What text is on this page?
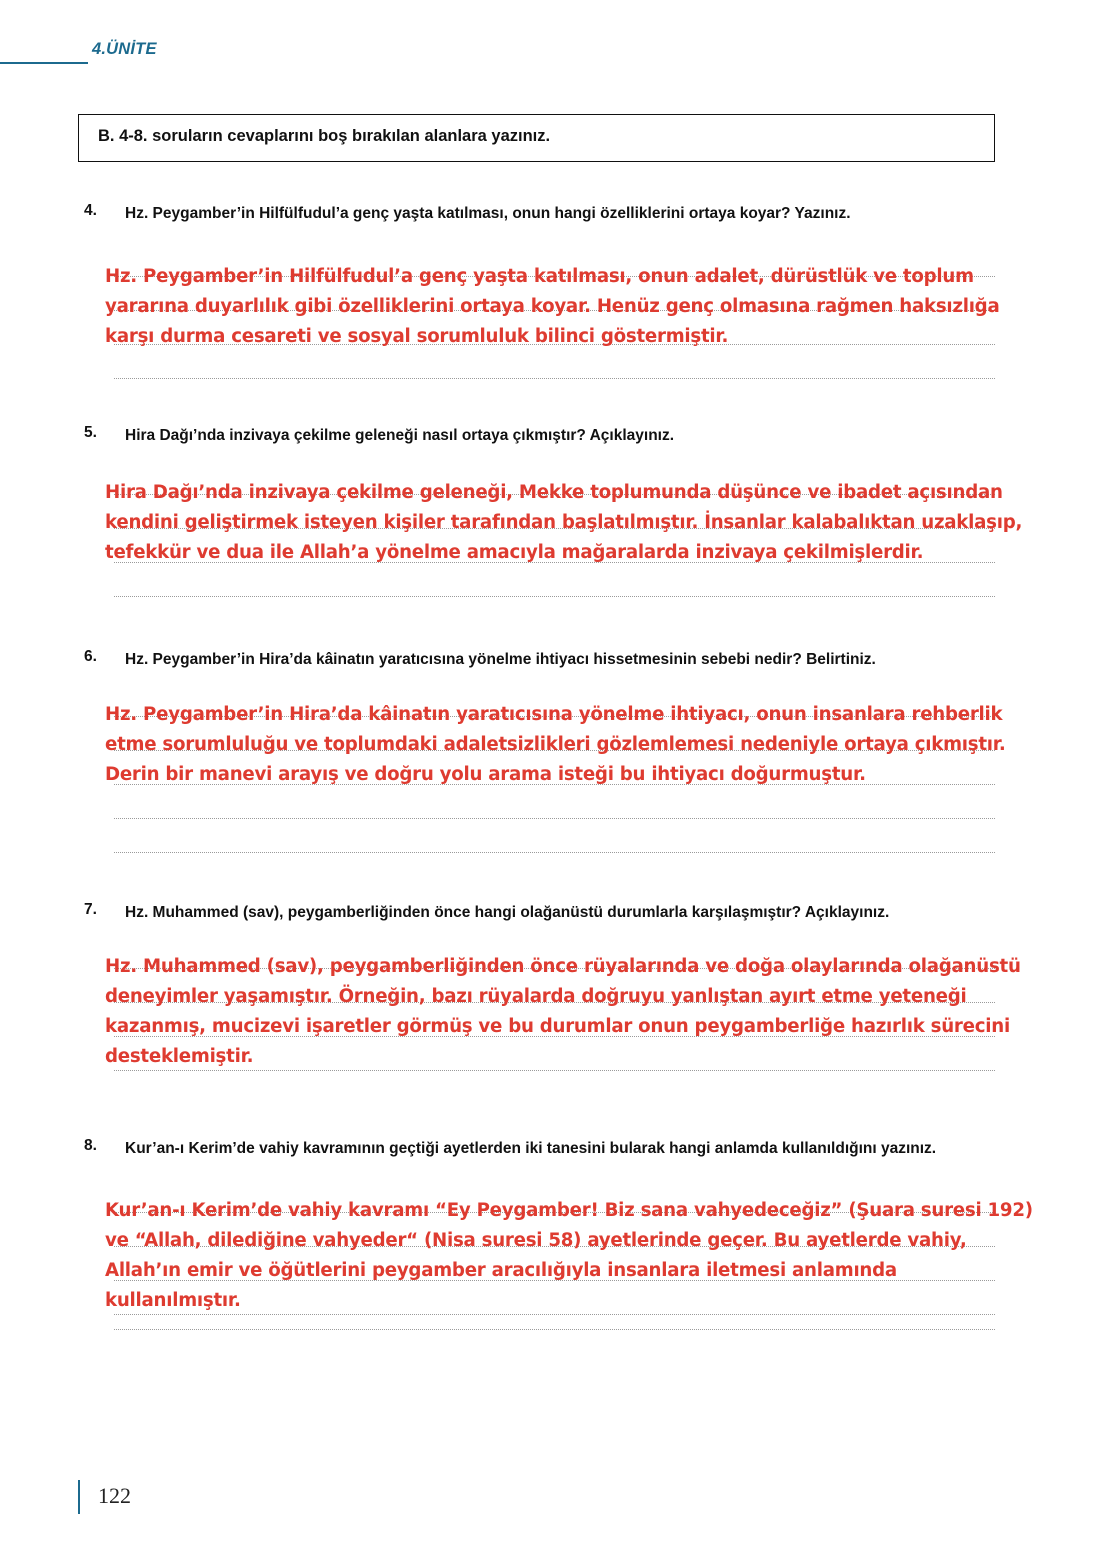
4.ÜNİTE
B. 4-8. soruların cevaplarını boş bırakılan alanlara yazınız.
4.	Hz. Peygamber’in Hilfülfudul’a genç yaşta katılması, onun hangi özelliklerini ortaya koyar? Yazınız.
Hz. Peygamber’in Hilfülfudul’a genç yaşta katılması, onun adalet, dürüstlük ve toplum yararına duyarlılık gibi özelliklerini ortaya koyar. Henüz genç olmasına rağmen haksızlığa karşı durma cesareti ve sosyal sorumluluk bilinci göstermiştir.
5.	Hira Dağı’nda inzivaya çekilme geleneği nasıl ortaya çıkmıştır? Açıklayınız.
Hira Dağı’nda inzivaya çekilme geleneği, Mekke toplumunda düşünce ve ibadet açısından kendini geliştirmek isteyen kişiler tarafından başlatılmıştır. İnsanlar kalabalıktan uzaklaşıp, tefekkür ve dua ile Allah’a yönelme amacıyla mağaralarda inzivaya çekilmişlerdir.
6.	Hz. Peygamber’in Hira’da kâinatın yaratıcısına yönelme ihtiyacı hissetmesinin sebebi nedir? Belirtiniz.
Hz. Peygamber’in Hira’da kâinatın yaratıcısına yönelme ihtiyacı, onun insanlara rehberlik etme sorumluluğu ve toplumdaki adaletsizlikleri gözlemlemesi nedeniyle ortaya çıkmıştır. Derin bir manevi arayış ve doğru yolu arama isteği bu ihtiyacı doğurmuştur.
7.	Hz. Muhammed (sav), peygamberliğinden önce hangi olağanüstü durumlarla karşılaşmıştır? Açıklayınız.
Hz. Muhammed (sav), peygamberliğinden önce rüyalarında ve doğa olaylarında olağanüstü deneyimler yaşamıştır. Örneğin, bazı rüyalarda doğruyu yanlıştan ayırt etme yeteneği kazanmış, mucizevi işaretler görmüş ve bu durumlar onun peygamberliğe hazırlık sürecini desteklemiştir.
8.	Kur’an-ı Kerim’de vahiy kavramının geçtiği ayetlerden iki tanesini bularak hangi anlamda kullanıldığını yazınız.
Kur’an-ı Kerim’de vahiy kavramı “Ey Peygamber! Biz sana vahyedeceğiz” (Şuara suresi 192) ve “Allah, dilediğine vahyeder“ (Nisa suresi 58) ayetlerinde geçer. Bu ayetlerde vahiy, Allah’ın emir ve öğütlerini peygamber aracılığıyla insanlara iletmesi anlamında kullanılmıştır.
122
